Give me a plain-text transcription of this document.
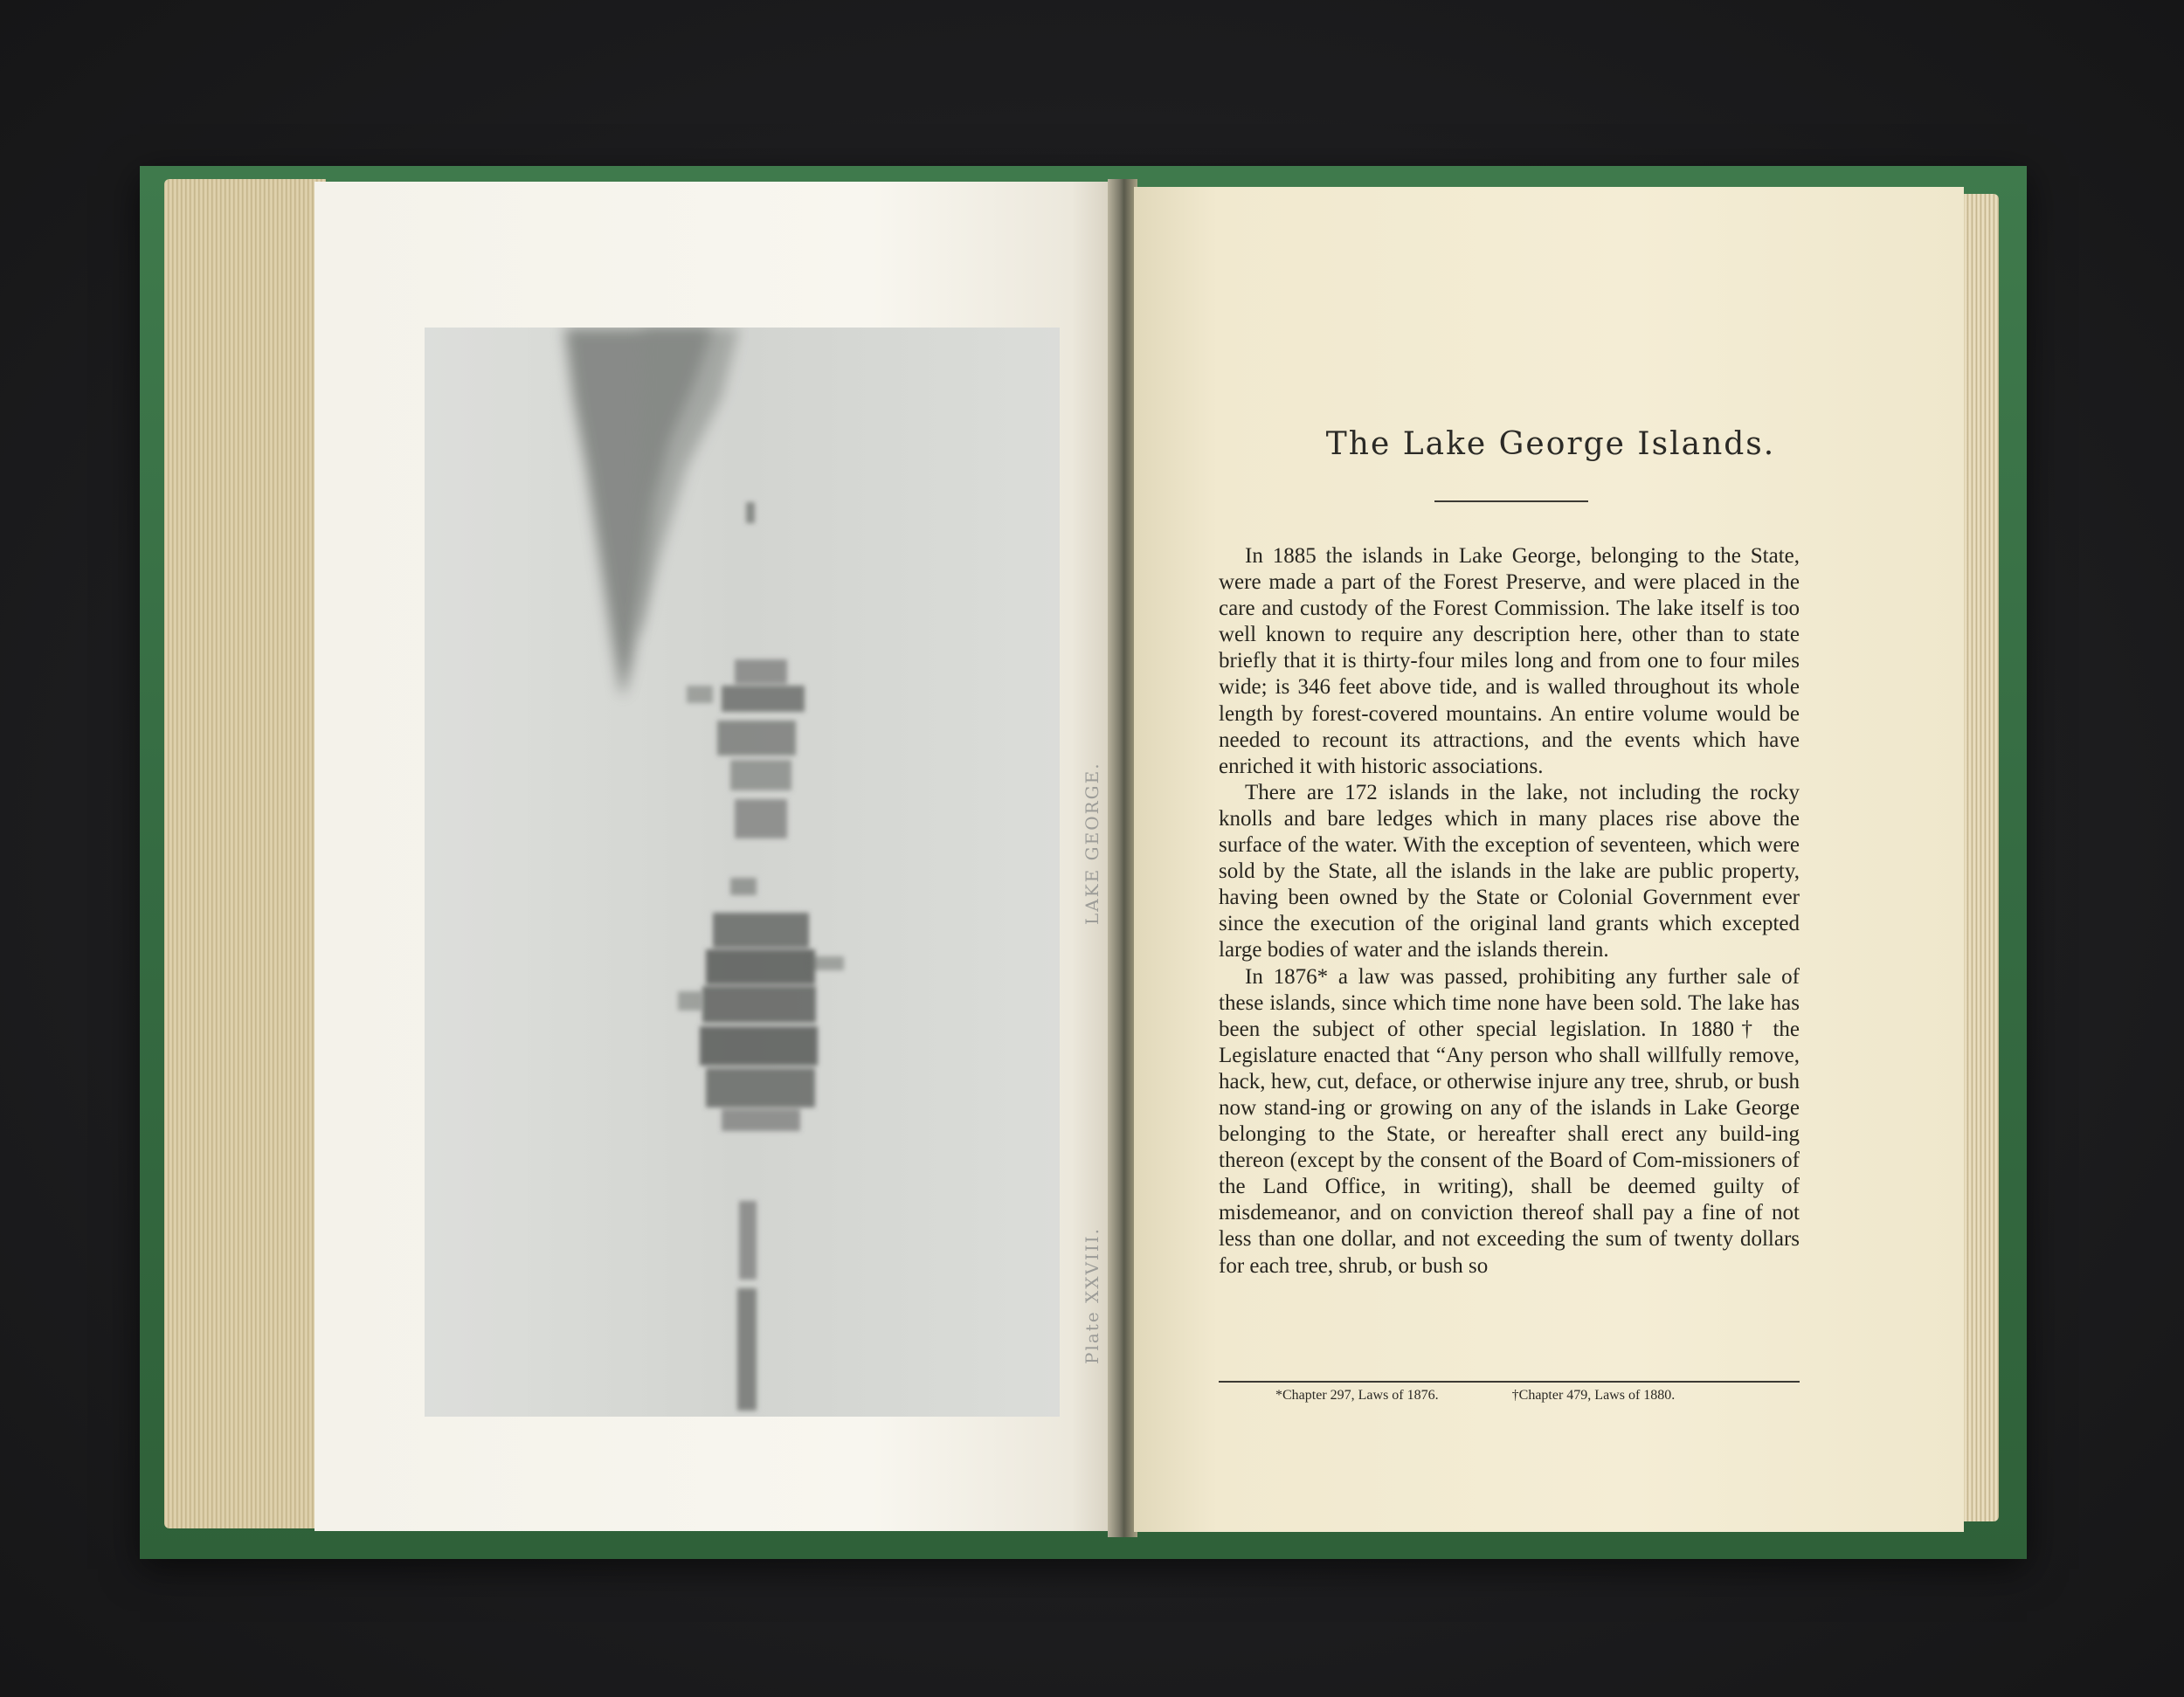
Plate XXVIII.
LAKE GEORGE.
The Lake George Islands.

In 1885 the islands in Lake George, belonging to the State, were made a part of the Forest Preserve, and were placed in the care and custody of the Forest Commission. The lake itself is too well known to require any description here, other than to state briefly that it is thirty-four miles long and from one to four miles wide; is 346 feet above tide, and is walled throughout its whole length by forest-covered mountains. An entire volume would be needed to recount its attractions, and the events which have enriched it with historic associations.

There are 172 islands in the lake, not including the rocky knolls and bare ledges which in many places rise above the surface of the water. With the exception of seventeen, which were sold by the State, all the islands in the lake are public property, having been owned by the State or Colonial Government ever since the execution of the original land grants which excepted large bodies of water and the islands therein.

In 1876* a law was passed, prohibiting any further sale of these islands, since which time none have been sold. The lake has been the subject of other special legislation. In 1880† the Legislature enacted that “Any person who shall willfully remove, hack, hew, cut, deface, or otherwise injure any tree, shrub, or bush now stand-ing or growing on any of the islands in Lake George belonging to the State, or hereafter shall erect any build-ing thereon (except by the consent of the Board of Com-missioners of the Land Office, in writing), shall be deemed guilty of misdemeanor, and on conviction thereof shall pay a fine of not less than one dollar, and not exceeding the sum of twenty dollars for each tree, shrub, or bush so

*Chapter 297, Laws of 1876.	†Chapter 479, Laws of 1880.
